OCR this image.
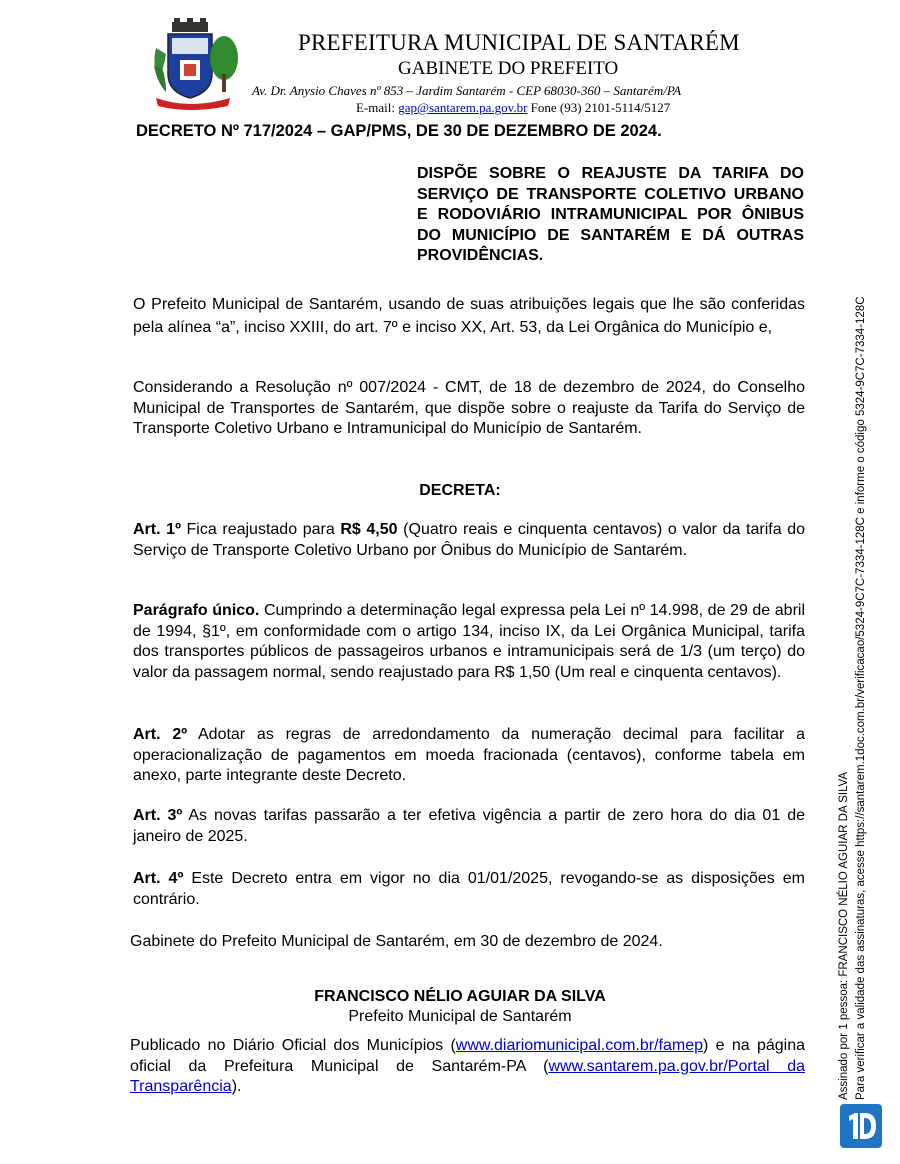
PREFEITURA MUNICIPAL DE SANTARÉM
GABINETE DO PREFEITO
Av. Dr. Anysio Chaves nº 853 – Jardim Santarém - CEP 68030-360 – Santarém/PA
E-mail: gap@santarem.pa.gov.br Fone (93) 2101-5114/5127
DECRETO Nº 717/2024 – GAP/PMS, DE 30 DE DEZEMBRO DE 2024.
DISPÕE SOBRE O REAJUSTE DA TARIFA DO SERVIÇO DE TRANSPORTE COLETIVO URBANO E RODOVIÁRIO INTRAMUNICIPAL POR ÔNIBUS DO MUNICÍPIO DE SANTARÉM E DÁ OUTRAS PROVIDÊNCIAS.
O Prefeito Municipal de Santarém, usando de suas atribuições legais que lhe são conferidas pela alínea “a”, inciso XXIII, do art. 7º e inciso XX, Art. 53, da Lei Orgânica do Município e,
Considerando a Resolução nº 007/2024 - CMT, de 18 de dezembro de 2024, do Conselho Municipal de Transportes de Santarém, que dispõe sobre o reajuste da Tarifa do Serviço de Transporte Coletivo Urbano e Intramunicipal do Município de Santarém.
DECRETA:
Art. 1º Fica reajustado para R$ 4,50 (Quatro reais e cinquenta centavos) o valor da tarifa do Serviço de Transporte Coletivo Urbano por Ônibus do Município de Santarém.
Parágrafo único. Cumprindo a determinação legal expressa pela Lei nº 14.998, de 29 de abril de 1994, §1º, em conformidade com o artigo 134, inciso IX, da Lei Orgânica Municipal, tarifa dos transportes públicos de passageiros urbanos e intramunicipais será de 1/3 (um terço) do valor da passagem normal, sendo reajustado para R$ 1,50 (Um real e cinquenta centavos).
Art. 2º Adotar as regras de arredondamento da numeração decimal para facilitar a operacionalização de pagamentos em moeda fracionada (centavos), conforme tabela em anexo, parte integrante deste Decreto.
Art. 3º As novas tarifas passarão a ter efetiva vigência a partir de zero hora do dia 01 de janeiro de 2025.
Art. 4º Este Decreto entra em vigor no dia 01/01/2025, revogando-se as disposições em contrário.
Gabinete do Prefeito Municipal de Santarém, em 30 de dezembro de 2024.
FRANCISCO NÉLIO AGUIAR DA SILVA
Prefeito Municipal de Santarém
Publicado no Diário Oficial dos Municípios (www.diariomunicipal.com.br/famep) e na página oficial da Prefeitura Municipal de Santarém-PA (www.santarem.pa.gov.br/Portal da Transparência).	Assinado por 1 pessoa: FRANCISCO NÉLIO AGUIAR DA SILVA Para verificar a validade das assinaturas, acesse https://santarem.1doc.com.br/verificacao/5324-9C7C-7334-128C e informe o código 5324-9C7C-7334-128C
